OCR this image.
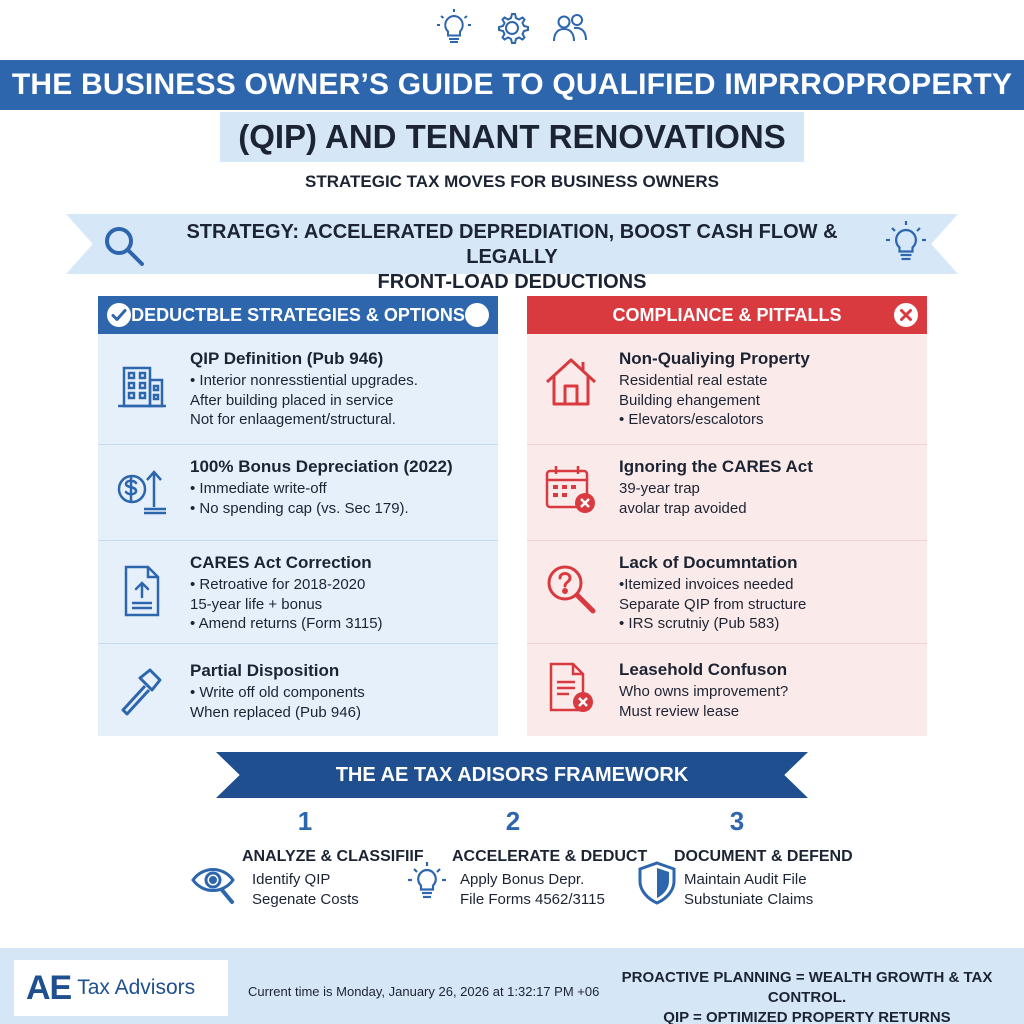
THE BUSINESS OWNER’S GUIDE TO QUALIFIED IMPRROPROPERTY
(QIP) AND TENANT RENOVATIONS
STRATEGIC TAX MOVES FOR BUSINESS OWNERS
STRATEGY: ACCELERATED DEPREDIATION, BOOST CASH FLOW & LEGALLY
FRONT-LOAD DEDUCTIONS
DEDUCTBLE STRATEGIES & OPTIONS
QIP Definition (Pub 946)
• Interior nonresstiential upgrades.
After building placed in service
Not for enlaagement/structural.
100% Bonus Depreciation (2022)
• Immediate write-off
• No spending cap (vs. Sec 179).
CARES Act Correction
• Retroative for 2018-2020
15-year life + bonus
• Amend returns (Form 3115)
Partial Disposition
• Write off old components
When replaced (Pub 946)
COMPLIANCE & PITFALLS
Non-Qualiying Property
Residential real estate
Building ehangement
• Elevators/escalotors
Ignoring the CARES Act
39-year trap
avolar trap avoided
Lack of Documntation
•Itemized invoices needed
Separate QIP from structure
• IRS scrutniy (Pub 583)
Leasehold Confuson
Who owns improvement?
Must review lease
THE AE TAX ADISORS FRAMEWORK
1
ANALYZE & CLASSIFIIF
Identify QIP
Segenate Costs
2
ACCELERATE & DEDUCT
Apply Bonus Depr.
File Forms 4562/3115
3
DOCUMENT & DEFEND
Maintain Audit File
Substuniate Claims
AE Tax Advisors	Current time is Monday, January 26, 2026 at 1:32:17 PM +06
PROACTIVE PLANNING = WEALTH GROWTH & TAX CONTROL.
QIP = OPTIMIZED PROPERTY RETURNS
